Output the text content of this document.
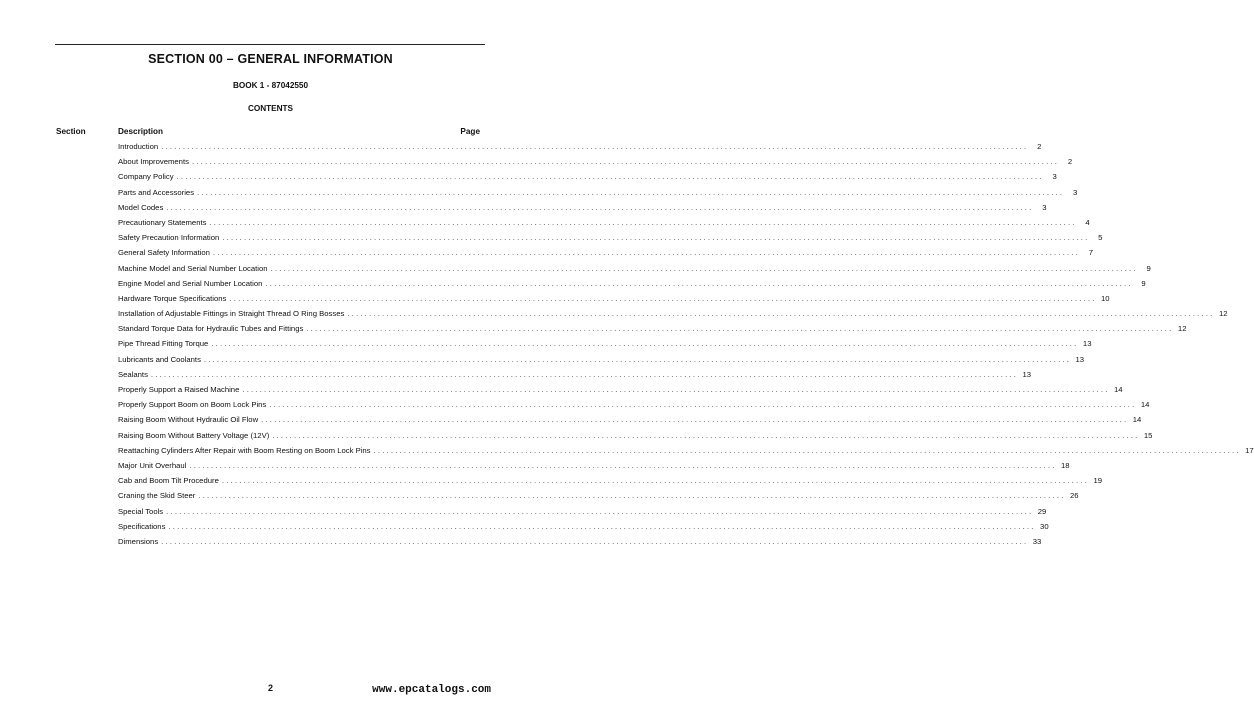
SECTION 00 – GENERAL INFORMATION
BOOK 1 - 87042550
CONTENTS
Section	Description	Page
Introduction ........................................................................................................................................................................................................	2
About Improvements ........................................................................................................................................................................................................	2
Company Policy ........................................................................................................................................................................................................	3
Parts and Accessories ........................................................................................................................................................................................................	3
Model Codes ........................................................................................................................................................................................................	3
Precautionary Statements ........................................................................................................................................................................................................	4
Safety Precaution Information ........................................................................................................................................................................................................	5
General Safety Information ........................................................................................................................................................................................................	7
Machine Model and Serial Number Location ........................................................................................................................................................................................................	9
Engine Model and Serial Number Location ........................................................................................................................................................................................................	9
Hardware Torque Specifications ........................................................................................................................................................................................................ 10
Installation of Adjustable Fittings in Straight Thread O Ring Bosses ........................................................................................................................................................................................................ 12
Standard Torque Data for Hydraulic Tubes and Fittings ........................................................................................................................................................................................................ 12
Pipe Thread Fitting Torque ........................................................................................................................................................................................................ 13
Lubricants and Coolants ........................................................................................................................................................................................................ 13
Sealants ........................................................................................................................................................................................................ 13
Properly Support a Raised Machine ........................................................................................................................................................................................................ 14
Properly Support Boom on Boom Lock Pins ........................................................................................................................................................................................................ 14
Raising Boom Without Hydraulic Oil Flow ........................................................................................................................................................................................................ 14
Raising Boom Without Battery Voltage (12V) ........................................................................................................................................................................................................ 15
Reattaching Cylinders After Repair with Boom Resting on Boom Lock Pins ........................................................................................................................................................................................................ 17
Major Unit Overhaul ........................................................................................................................................................................................................ 18
Cab and Boom Tilt Procedure ........................................................................................................................................................................................................ 19
Craning the Skid Steer ........................................................................................................................................................................................................ 26
Special Tools ........................................................................................................................................................................................................ 29
Specifications ........................................................................................................................................................................................................ 30
Dimensions ........................................................................................................................................................................................................ 33
2	www.epcatalogs.com
